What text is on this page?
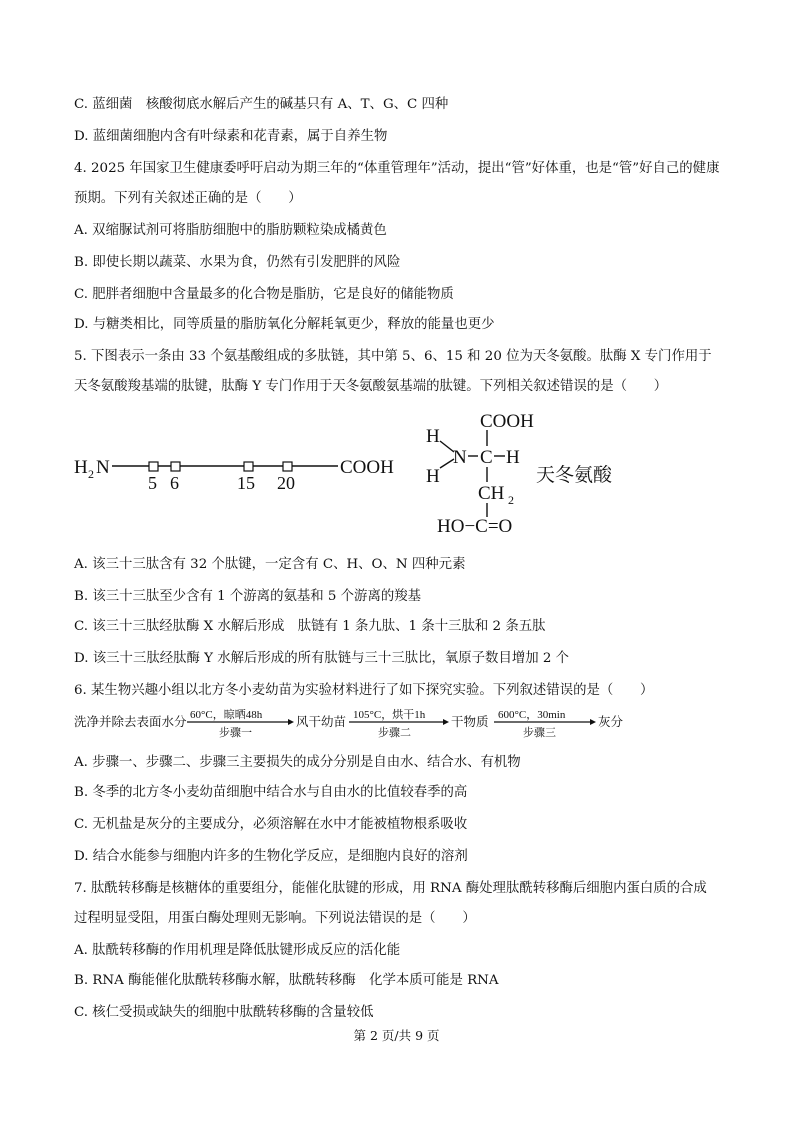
C. 蓝细菌　核酸彻底水解后产生的碱基只有 A、T、G、C 四种
D. 蓝细菌细胞内含有叶绿素和花青素，属于自养生物
4. 2025 年国家卫生健康委呼吁启动为期三年的“体重管理年”活动，提出“管”好体重，也是“管”好自己的健康
预期。下列有关叙述正确的是（　　）
A. 双缩脲试剂可将脂肪细胞中的脂肪颗粒染成橘黄色
B. 即使长期以蔬菜、水果为食，仍然有引发肥胖的风险
C. 肥胖者细胞中含量最多的化合物是脂肪，它是良好的储能物质
D. 与糖类相比，同等质量的脂肪氧化分解耗氧更少，释放的能量也更少
5. 下图表示一条由 33 个氨基酸组成的多肽链，其中第 5、6、15 和 20 位为天冬氨酸。肽酶 X 专门作用于
天冬氨酸羧基端的肽键，肽酶 Y 专门作用于天冬氨酸氨基端的肽键。下列相关叙述错误的是（　　）
H 2 N	COOH
5 6	15 20
COOH
H
H
N C H
CH 2
HO−C=O
天冬氨酸
A. 该三十三肽含有 32 个肽键，一定含有 C、H、O、N 四种元素
B. 该三十三肽至少含有 1 个游离的氨基和 5 个游离的羧基
C. 该三十三肽经肽酶 X 水解后形成　肽链有 1 条九肽、1 条十三肽和 2 条五肽
D. 该三十三肽经肽酶 Y 水解后形成的所有肽链与三十三肽比，氧原子数目增加 2 个
6. 某生物兴趣小组以北方冬小麦幼苗为实验材料进行了如下探究实验。下列叙述错误的是（　　）
洗净并除去表面水分 60°C，晾晒48h
步骤一
风干幼苗 105°C，烘干1h
步骤二
干物质 600°C，30min
步骤三
灰分
A. 步骤一、步骤二、步骤三主要损失的成分分别是自由水、结合水、有机物
B. 冬季的北方冬小麦幼苗细胞中结合水与自由水的比值较春季的高
C. 无机盐是灰分的主要成分，必须溶解在水中才能被植物根系吸收
D. 结合水能参与细胞内许多的生物化学反应，是细胞内良好的溶剂
7. 肽酰转移酶是核糖体的重要组分，能催化肽键的形成，用 RNA 酶处理肽酰转移酶后细胞内蛋白质的合成
过程明显受阻，用蛋白酶处理则无影响。下列说法错误的是（　　）
A. 肽酰转移酶的作用机理是降低肽键形成反应的活化能
B. RNA 酶能催化肽酰转移酶水解，肽酰转移酶　化学本质可能是 RNA
C. 核仁受损或缺失的细胞中肽酰转移酶的含量较低
第 2 页/共 9 页
